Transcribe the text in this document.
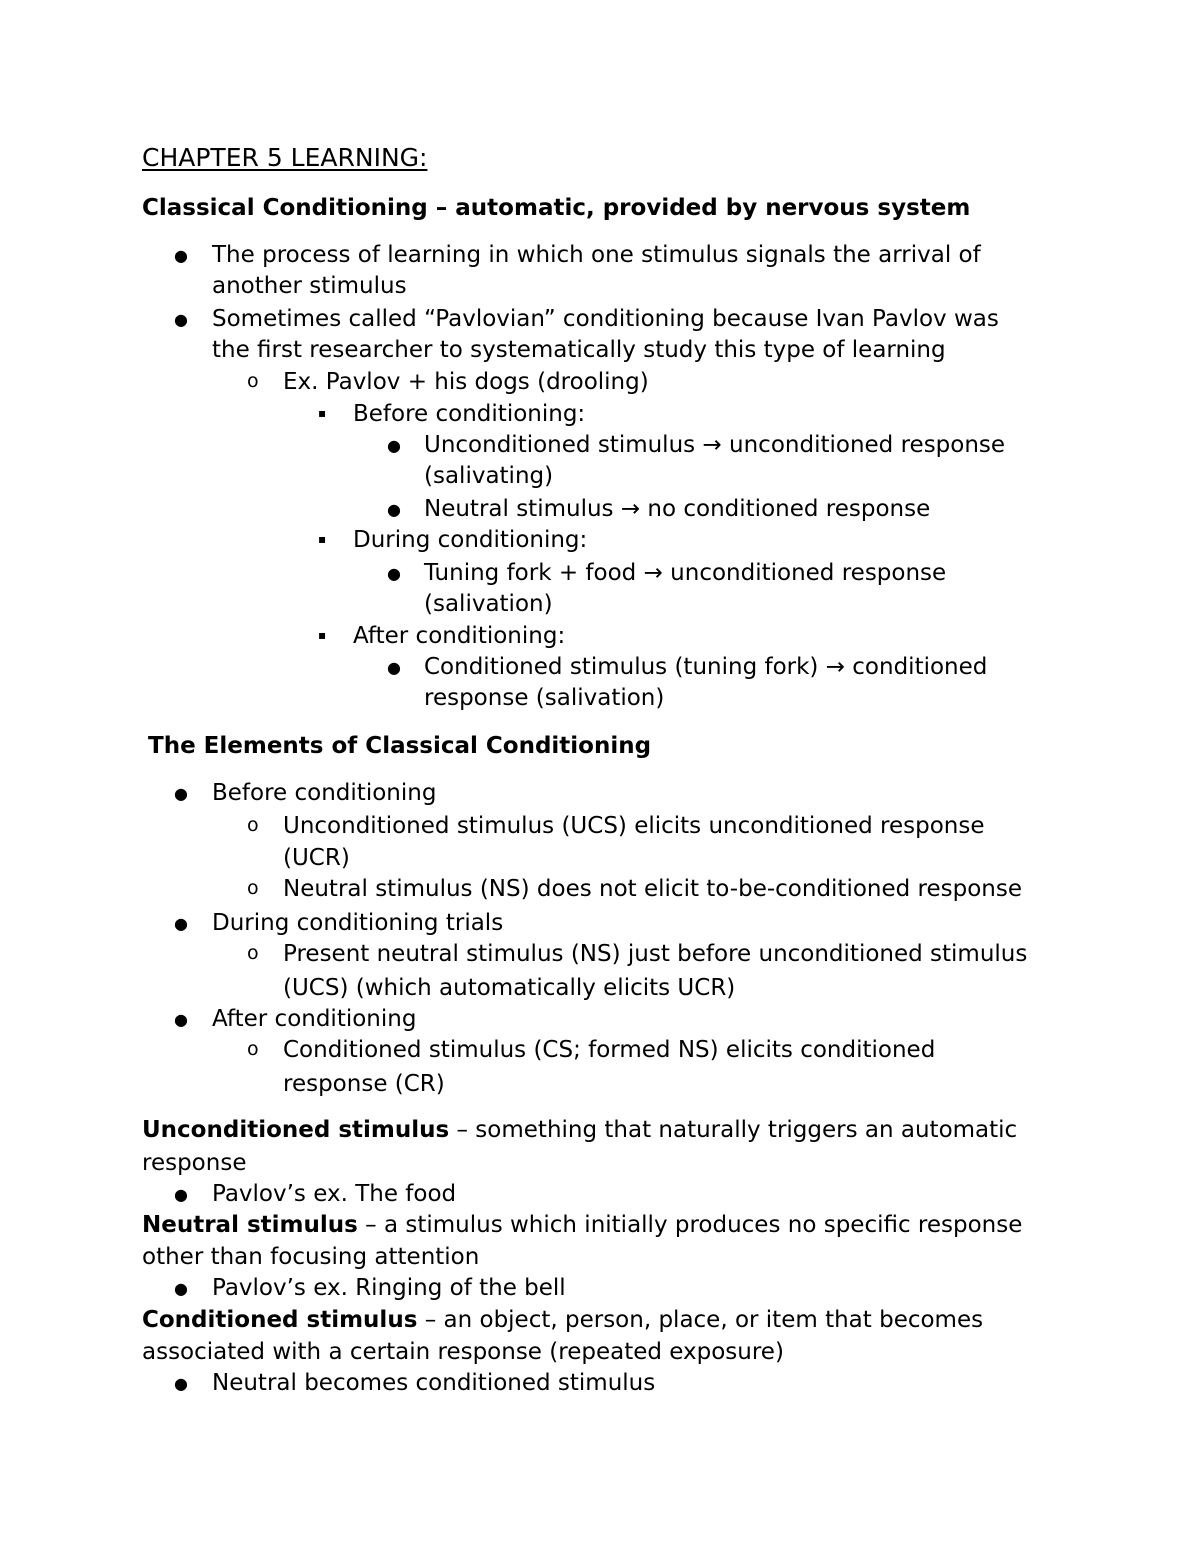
CHAPTER 5 LEARNING:
Classical Conditioning – automatic, provided by nervous system
● The process of learning in which one stimulus signals the arrival of
another stimulus
● Sometimes called “Pavlovian” conditioning because Ivan Pavlov was
the first researcher to systematically study this type of learning
o Ex. Pavlov + his dogs (drooling)
▪ Before conditioning:
● Unconditioned stimulus → unconditioned response
(salivating)
● Neutral stimulus → no conditioned response
▪ During conditioning:
● Tuning fork + food → unconditioned response
(salivation)
▪ After conditioning:
● Conditioned stimulus (tuning fork) → conditioned
response (salivation)
The Elements of Classical Conditioning
● Before conditioning
o Unconditioned stimulus (UCS) elicits unconditioned response
(UCR)
o Neutral stimulus (NS) does not elicit to-be-conditioned response
● During conditioning trials
o Present neutral stimulus (NS) just before unconditioned stimulus
(UCS) (which automatically elicits UCR)
● After conditioning
o Conditioned stimulus (CS; formed NS) elicits conditioned
response (CR)
Unconditioned stimulus – something that naturally triggers an automatic
response
● Pavlov’s ex. The food
Neutral stimulus – a stimulus which initially produces no specific response
other than focusing attention
● Pavlov’s ex. Ringing of the bell
Conditioned stimulus – an object, person, place, or item that becomes
associated with a certain response (repeated exposure)
● Neutral becomes conditioned stimulus
